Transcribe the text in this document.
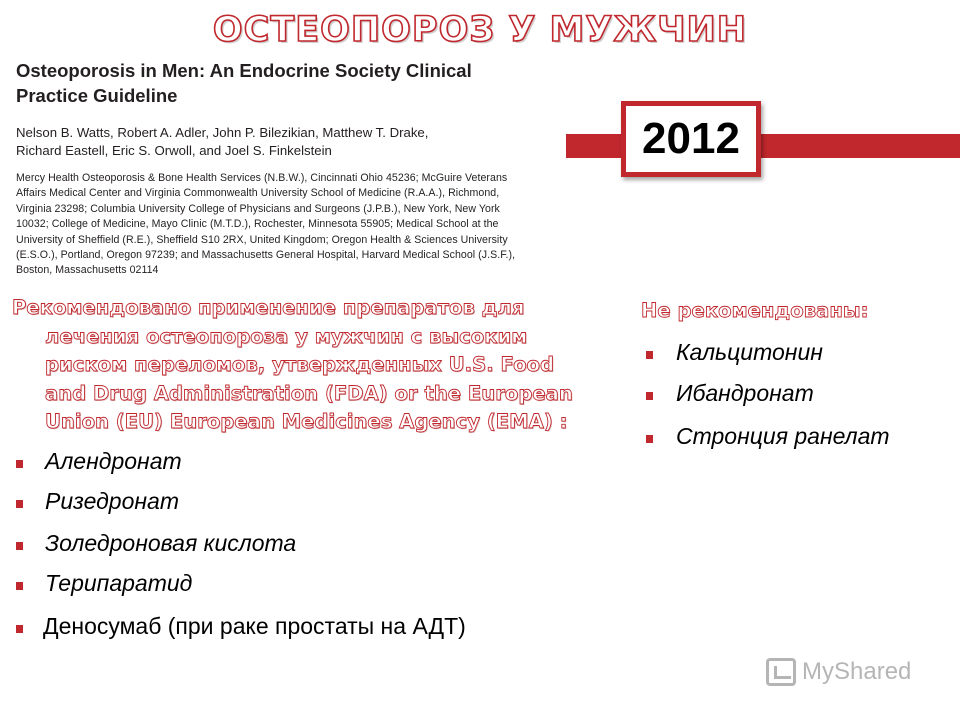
ОСТЕОПОРОЗ У МУЖЧИН
Osteoporosis in Men: An Endocrine Society Clinical
Practice Guideline
Nelson B. Watts, Robert A. Adler, John P. Bilezikian, Matthew T. Drake,
Richard Eastell, Eric S. Orwoll, and Joel S. Finkelstein
Mercy Health Osteoporosis & Bone Health Services (N.B.W.), Cincinnati Ohio 45236; McGuire Veterans
Affairs Medical Center and Virginia Commonwealth University School of Medicine (R.A.A.), Richmond,
Virginia 23298; Columbia University College of Physicians and Surgeons (J.P.B.), New York, New York
10032; College of Medicine, Mayo Clinic (M.T.D.), Rochester, Minnesota 55905; Medical School at the
University of Sheffield (R.E.), Sheffield S10 2RX, United Kingdom; Oregon Health & Sciences University
(E.S.O.), Portland, Oregon 97239; and Massachusetts General Hospital, Harvard Medical School (J.S.F.),
Boston, Massachusetts 02114
2012
Рекомендовано применение препаратов для
лечения остеопороза у мужчин с высоким
риском переломов, утвержденных U.S. Food
and Drug Administration (FDA) or the European
Union (EU) European Medicines Agency (EMA) :
Алендронат
Ризедронат
Золедроновая кислота
Терипаратид
Деносумаб (при раке простаты на АДТ)
Не рекомендованы:
Кальцитонин
Ибандронат
Стронция ранелат
MyShared
